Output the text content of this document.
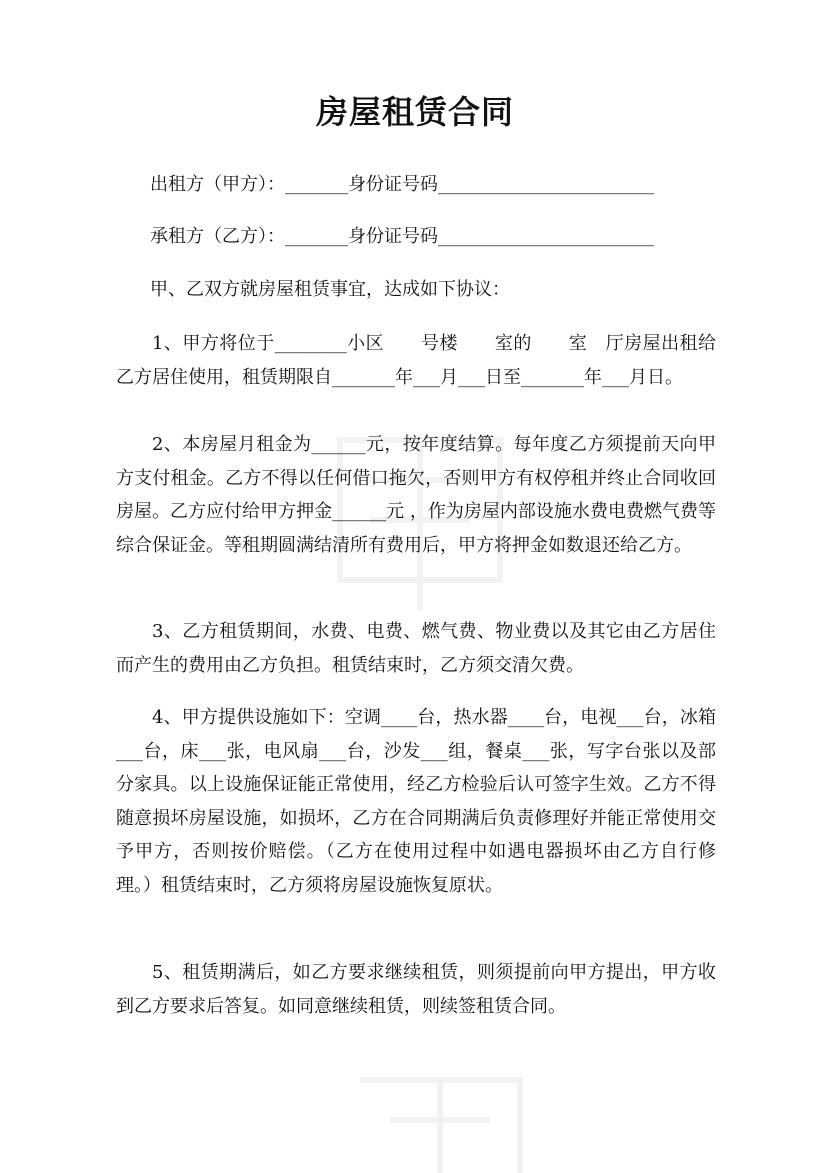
房屋租赁合同
出租方（甲方）：_______身份证号码________________________
承租方（乙方）：_______身份证号码________________________
甲、乙双方就房屋租赁事宜，达成如下协议：
1、甲方将位于________小区　　号楼　　室的　　室　厅房屋出租给乙方居住使用，租赁期限自_______年___月___日至_______年___月日。
2、本房屋月租金为______元，按年度结算。每年度乙方须提前天向甲方支付租金。乙方不得以任何借口拖欠，否则甲方有权停租并终止合同收回房屋。乙方应付给甲方押金______元 ，作为房屋内部设施水费电费燃气费等综合保证金。等租期圆满结清所有费用后，甲方将押金如数退还给乙方。
3、乙方租赁期间，水费、电费、燃气费、物业费以及其它由乙方居住而产生的费用由乙方负担。租赁结束时，乙方须交清欠费。
4、甲方提供设施如下：空调____台，热水器____台，电视___台，冰箱___台，床___张，电风扇___台，沙发___组，餐桌___张，写字台张以及部分家具。以上设施保证能正常使用，经乙方检验后认可签字生效。乙方不得随意损坏房屋设施，如损坏，乙方在合同期满后负责修理好并能正常使用交予甲方，否则按价赔偿。（乙方在使用过程中如遇电器损坏由乙方自行修理。）租赁结束时，乙方须将房屋设施恢复原状。
5、租赁期满后，如乙方要求继续租赁，则须提前向甲方提出，甲方收到乙方要求后答复。如同意继续租赁，则续签租赁合同。
